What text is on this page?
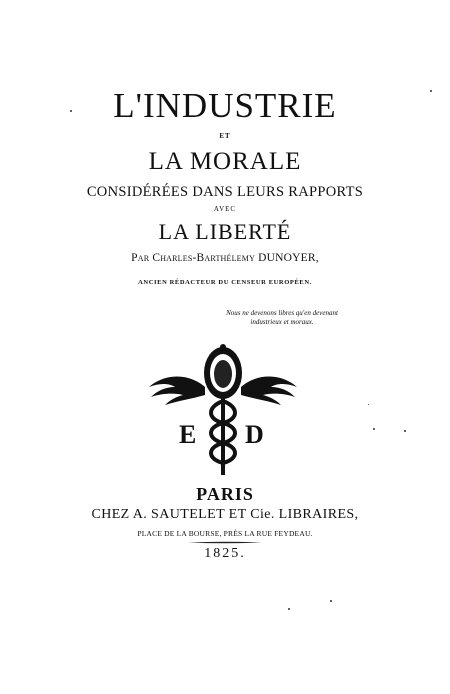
L'INDUSTRIE
ET
LA MORALE
CONSIDÉRÉES DANS LEURS RAPPORTS
AVEC
LA LIBERTÉ
Par Charles-Barthélemy DUNOYER,
ANCIEN RÉDACTEUR DU CENSEUR EUROPÉEN.
Nous ne devenons libres qu'en devenant
industrieux et moraux.
E D
PARIS
CHEZ A. SAUTELET ET Cie. LIBRAIRES,
PLACE DE LA BOURSE, PRÈS LA RUE FEYDEAU.
1825.
